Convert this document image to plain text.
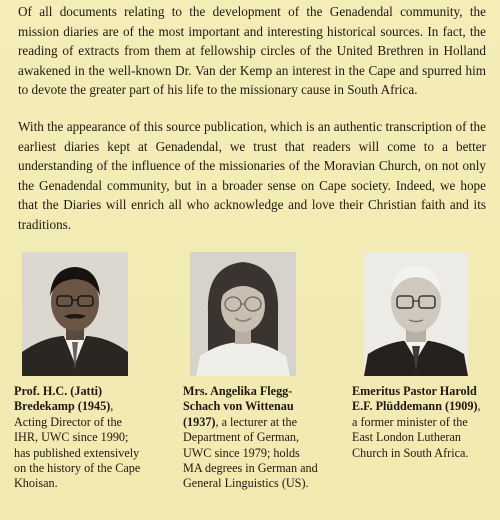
Of all documents relating to the development of the Genadendal community, the mission diaries are of the most important and interesting historical sources. In fact, the reading of extracts from them at fellowship circles of the United Brethren in Holland awakened in the well-known Dr. Van der Kemp an interest in the Cape and spurred him to devote the greater part of his life to the missionary cause in South Africa.

With the appearance of this source publication, which is an authentic transcription of the earliest diaries kept at Genadendal, we trust that readers will come to a better understanding of the influence of the missionaries of the Moravian Church, on not only the Genadendal community, but in a broader sense on Cape society. Indeed, we hope that the Diaries will enrich all who acknowledge and love their Christian faith and its traditions.

Prof. H.C. (Jatti) Bredekamp (1945), Acting Director of the IHR, UWC since 1990; has published extensively on the history of the Cape Khoisan.
Mrs. Angelika Flegg-Schach von Wittenau (1937), a lecturer at the Department of German, UWC since 1979; holds MA degrees in German and General Linguistics (US).
Emeritus Pastor Harold E.F. Plüddemann (1909), a former minister of the East London Lutheran Church in South Africa.
